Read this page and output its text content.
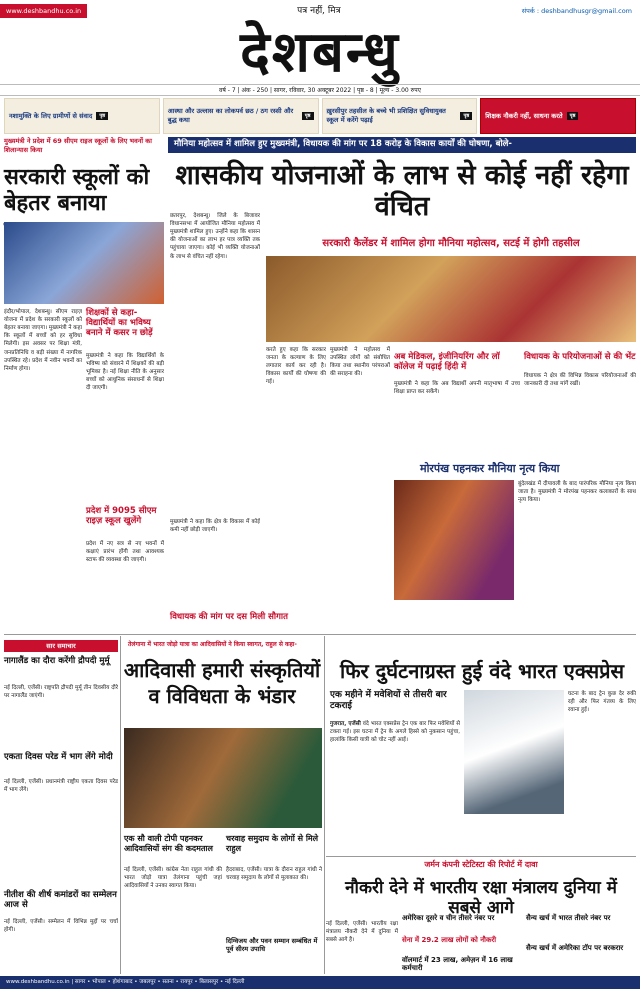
www.deshbandhu.co.in	पत्र नहीं, मित्र	संपर्क : deshbandhusgr@gmail.com
देशबन्धु
वर्ष - 7 | अंक - 250 | सागर, रविवार, 30 अक्टूबर 2022 | पृष्ठ - 8 | मूल्य - 3.00 रुपए
नशामुक्ति के लिए ग्रामीणों से संवाद	पृष्ठ
आस्था और उल्लास का लोकपर्व छठ / ठग रस्सी और बुद्ध कथा
पृष्ठ
ख़ुरसीपुर तहसील के बच्चे भी प्रशिक्षित सुविधायुक्त स्कूल में करेंगे पढ़ाई
पृष्ठ	शिक्षक नौकरी नहीं, साधना करते	पृष्ठ
मुख्यमंत्री ने प्रदेश में 69 सीएम राइज स्कूलों के लिए भवनों का शिलान्यास किया
मौनिया महोत्सव में शामिल हुए मुख्यमंत्री, विधायक की मांग पर 18 करोड़ के विकास कार्यों की घोषणा, बोले-
सरकारी स्कूलों को बेहतर बनाया
शासकीय योजनाओं के लाभ से कोई नहीं रहेगा वंचित
इंदौर/भोपाल, देशबन्धु। सीएम राइज़ योजना में प्रदेश के सरकारी स्कूलों को बेहतर बनाया जाएगा। मुख्यमंत्री ने कहा कि स्कूलों में बच्चों को हर सुविधा मिलेगी। इस अवसर पर शिक्षा मंत्री, जनप्रतिनिधि व बड़ी संख्या में नागरिक उपस्थित रहे। प्रदेश में नवीन भवनों का निर्माण होगा।
शिक्षकों से कहा- विद्यार्थियों का भविष्य बनाने में कसर न छोड़ें
मुख्यमंत्री ने कहा कि विद्यार्थियों के भविष्य को संवारने में शिक्षकों की बड़ी भूमिका है। नई शिक्षा नीति के अनुसार बच्चों को आधुनिक संसाधनों से शिक्षा दी जाएगी।
प्रदेश में 9095 सीएम राइज़ स्कूल खुलेंगे
प्रदेश में नए सत्र से नए भवनों में कक्षाएं प्रारंभ होंगी तथा आवश्यक स्टाफ की व्यवस्था की जाएगी।
छतरपुर, देशबन्धु। जिले के बिजावर विधानसभा में आयोजित मौनिया महोत्सव में मुख्यमंत्री शामिल हुए। उन्होंने कहा कि शासन की योजनाओं का लाभ हर पात्र व्यक्ति तक पहुंचाया जाएगा। कोई भी व्यक्ति योजनाओं के लाभ से वंचित नहीं रहेगा।
सरकारी कैलेंडर में शामिल होगा मौनिया महोत्सव, सटई में होगी तहसील
मुख्यमंत्री ने कहा कि क्षेत्र के विकास में कोई कमी नहीं छोड़ी जाएगी।
विधायक की मांग पर दस मिली सौगात
करते हुए कहा कि सरकार जनता के कल्याण के लिए लगातार कार्य कर रही है। विकास कार्यों की घोषणा की गई।
मुख्यमंत्री ने महोत्सव में उपस्थित लोगों को संबोधित किया तथा स्थानीय परंपराओं की सराहना की।
अब मेडिकल, इंजीनियरिंग और लॉ कॉलेज में पढ़ाई हिंदी में
मुख्यमंत्री ने कहा कि अब विद्यार्थी अपनी मातृभाषा में उच्च शिक्षा प्राप्त कर सकेंगे।
विधायक के परियोजनाओं से की भेंट
विधायक ने क्षेत्र की विभिन्न विकास परियोजनाओं की जानकारी दी तथा मांगें रखीं।
मोरपंख पहनकर मौनिया नृत्य किया
बुंदेलखंड में दीपावली के बाद पारंपरिक मौनिया नृत्य किया जाता है। मुख्यमंत्री ने मोरपंख पहनकर कलाकारों के साथ नृत्य किया।
सार समाचार
नागालैंड का दौरा करेंगी द्रौपदी मुर्मू
नई दिल्ली, एजेंसी। राष्ट्रपति द्रौपदी मुर्मू तीन दिवसीय दौरे पर नागालैंड जाएंगी।
एकता दिवस परेड में भाग लेंगे मोदी
नई दिल्ली, एजेंसी। प्रधानमंत्री राष्ट्रीय एकता दिवस परेड में भाग लेंगे।
नीतीश की शीर्ष कमांडरों का सम्मेलन आज से
नई दिल्ली, एजेंसी। सम्मेलन में विभिन्न मुद्दों पर चर्चा होगी।
तेलंगाना में भारत जोड़ो यात्रा का आदिवासियों ने किया स्वागत, राहुल से कहा-
आदिवासी हमारी संस्कृतियों व विविधता के भंडार
एक सौ वाली टोपी पहनकर आदिवासियों संग की कदमताल
चरवाह समुदाय के लोगों से मिले राहुल
नई दिल्ली, एजेंसी। कांग्रेस नेता राहुल गांधी की भारत जोड़ो यात्रा तेलंगाना पहुंची जहां आदिवासियों ने उनका स्वागत किया।
हैदराबाद, एजेंसी। यात्रा के दौरान राहुल गांधी ने चरवाह समुदाय के लोगों से मुलाकात की।
दिग्विजय और पवन सम्मान सम्बंधित में पूर्व सीरम उपाधि
फिर दुर्घटनाग्रस्त हुई वंदे भारत एक्सप्रेस
एक महीने में मवेशियों से तीसरी बार टकराई
गुजरात, एजेंसी वंदे भारत एक्सप्रेस ट्रेन एक बार फिर मवेशियों से टकरा गई। इस घटना में ट्रेन के अगले हिस्से को नुकसान पहुंचा, हालांकि किसी यात्री को चोट नहीं आई।
घटना के बाद ट्रेन कुछ देर रुकी रही और फिर गंतव्य के लिए रवाना हुई।
जर्मन कंपनी स्टेटिस्टा की रिपोर्ट में दावा
नौकरी देने में भारतीय रक्षा मंत्रालय दुनिया में सबसे आगे
नई दिल्ली, एजेंसी। भारतीय रक्षा मंत्रालय नौकरी देने में दुनिया में सबसे आगे है।
अमेरिका दूसरे व चीन तीसरे नंबर पर
सेना में 29.2 लाख लोगों को नौकरी
वॉलमार्ट में 23 लाख, अमेज़न में 16 लाख कर्मचारी
सैन्य खर्च में भारत तीसरे नंबर पर
सैन्य खर्च में अमेरिका टॉप पर बरकरार
www.deshbandhu.co.in | सागर • भोपाल • होशंगाबाद • जबलपुर • सतना • रायपुर • बिलासपुर • नई दिल्ली
